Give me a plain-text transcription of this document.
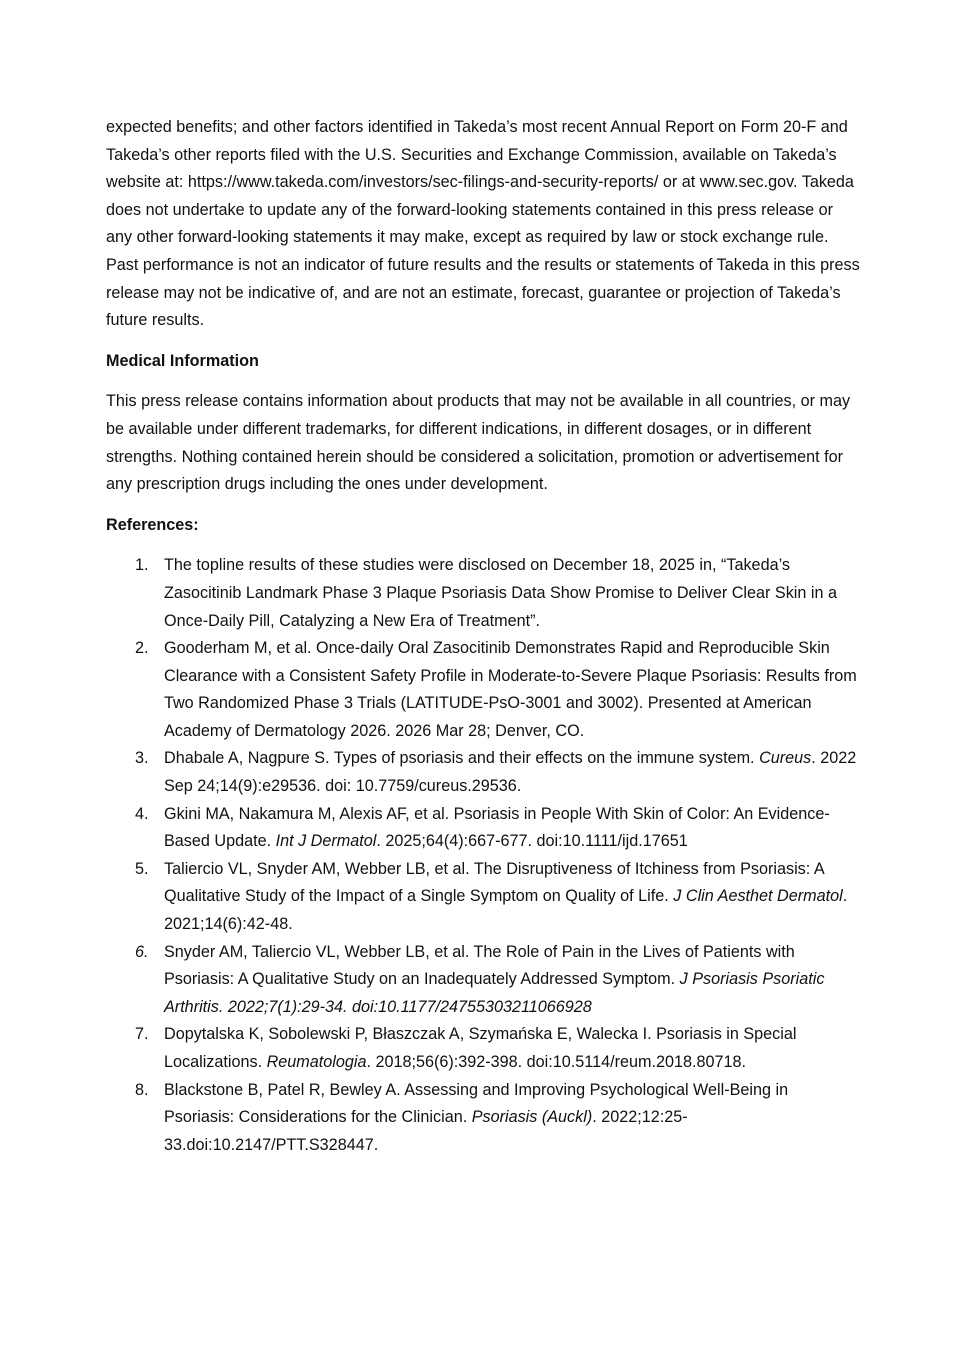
expected benefits; and other factors identified in Takeda’s most recent Annual Report on Form 20-F and Takeda’s other reports filed with the U.S. Securities and Exchange Commission, available on Takeda’s website at: https://www.takeda.com/investors/sec-filings-and-security-reports/ or at www.sec.gov. Takeda does not undertake to update any of the forward-looking statements contained in this press release or any other forward-looking statements it may make, except as required by law or stock exchange rule. Past performance is not an indicator of future results and the results or statements of Takeda in this press release may not be indicative of, and are not an estimate, forecast, guarantee or projection of Takeda’s future results.

Medical Information

This press release contains information about products that may not be available in all countries, or may be available under different trademarks, for different indications, in different dosages, or in different strengths. Nothing contained herein should be considered a solicitation, promotion or advertisement for any prescription drugs including the ones under development.

References:
1. The topline results of these studies were disclosed on December 18, 2025 in, “Takeda’s Zasocitinib Landmark Phase 3 Plaque Psoriasis Data Show Promise to Deliver Clear Skin in a Once-Daily Pill, Catalyzing a New Era of Treatment”.
2. Gooderham M, et al. Once-daily Oral Zasocitinib Demonstrates Rapid and Reproducible Skin Clearance with a Consistent Safety Profile in Moderate-to-Severe Plaque Psoriasis: Results from Two Randomized Phase 3 Trials (LATITUDE-PsO-3001 and 3002). Presented at American Academy of Dermatology 2026. 2026 Mar 28; Denver, CO.
3. Dhabale A, Nagpure S. Types of psoriasis and their effects on the immune system. Cureus. 2022 Sep 24;14(9):e29536. doi: 10.7759/cureus.29536.
4. Gkini MA, Nakamura M, Alexis AF, et al. Psoriasis in People With Skin of Color: An Evidence-Based Update. Int J Dermatol. 2025;64(4):667-677. doi:10.1111/ijd.17651
5. Taliercio VL, Snyder AM, Webber LB, et al. The Disruptiveness of Itchiness from Psoriasis: A Qualitative Study of the Impact of a Single Symptom on Quality of Life. J Clin Aesthet Dermatol. 2021;14(6):42-48.
6. Snyder AM, Taliercio VL, Webber LB, et al. The Role of Pain in the Lives of Patients with Psoriasis: A Qualitative Study on an Inadequately Addressed Symptom. J Psoriasis Psoriatic Arthritis. 2022;7(1):29-34. doi:10.1177/24755303211066928
7. Dopytalska K, Sobolewski P, Błaszczak A, Szymańska E, Walecka I. Psoriasis in Special Localizations. Reumatologia. 2018;56(6):392-398. doi:10.5114/reum.2018.80718.
8. Blackstone B, Patel R, Bewley A. Assessing and Improving Psychological Well-Being in Psoriasis: Considerations for the Clinician. Psoriasis (Auckl). 2022;12:25-33.doi:10.2147/PTT.S328447.
